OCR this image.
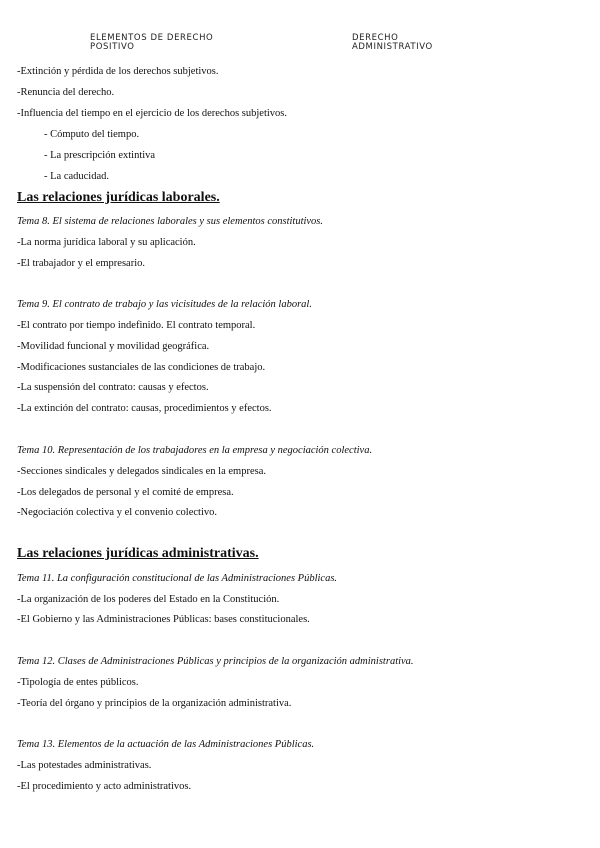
ELEMENTOS DE DERECHO
POSITIVO
DERECHO
ADMINISTRATIVO
-Extinción y pérdida de los derechos subjetivos.
-Renuncia del derecho.
-Influencia del tiempo en el ejercicio de los derechos subjetivos.
- Cómputo del tiempo.
- La prescripción extintiva
- La caducidad.
Las relaciones jurídicas laborales.
Tema 8. El sistema de relaciones laborales y sus elementos constitutivos.
-La norma jurídica laboral y su aplicación.
-El trabajador y el empresario.
Tema 9. El contrato de trabajo y las vicisitudes de la relación laboral.
-El contrato por tiempo indefinido. El contrato temporal.
-Movilidad funcional y movilidad geográfica.
-Modificaciones sustanciales de las condiciones de trabajo.
-La suspensión del contrato: causas y efectos.
-La extinción del contrato: causas, procedimientos y efectos.
Tema 10. Representación de los trabajadores en la empresa y negociación colectiva.
-Secciones sindicales y delegados sindicales en la empresa.
-Los delegados de personal y el comité de empresa.
-Negociación colectiva y el convenio colectivo.
Las relaciones jurídicas administrativas.
Tema 11. La configuración constitucional de las Administraciones Públicas.
-La organización de los poderes del Estado en la Constitución.
-El Gobierno y las Administraciones Públicas: bases constitucionales.
Tema 12. Clases de Administraciones Públicas y principios de la organización administrativa.
-Tipología de entes públicos.
-Teoría del órgano y principios de la organización administrativa.
Tema 13. Elementos de la actuación de las Administraciones Públicas.
-Las potestades administrativas.
-El procedimiento y acto administrativos.
